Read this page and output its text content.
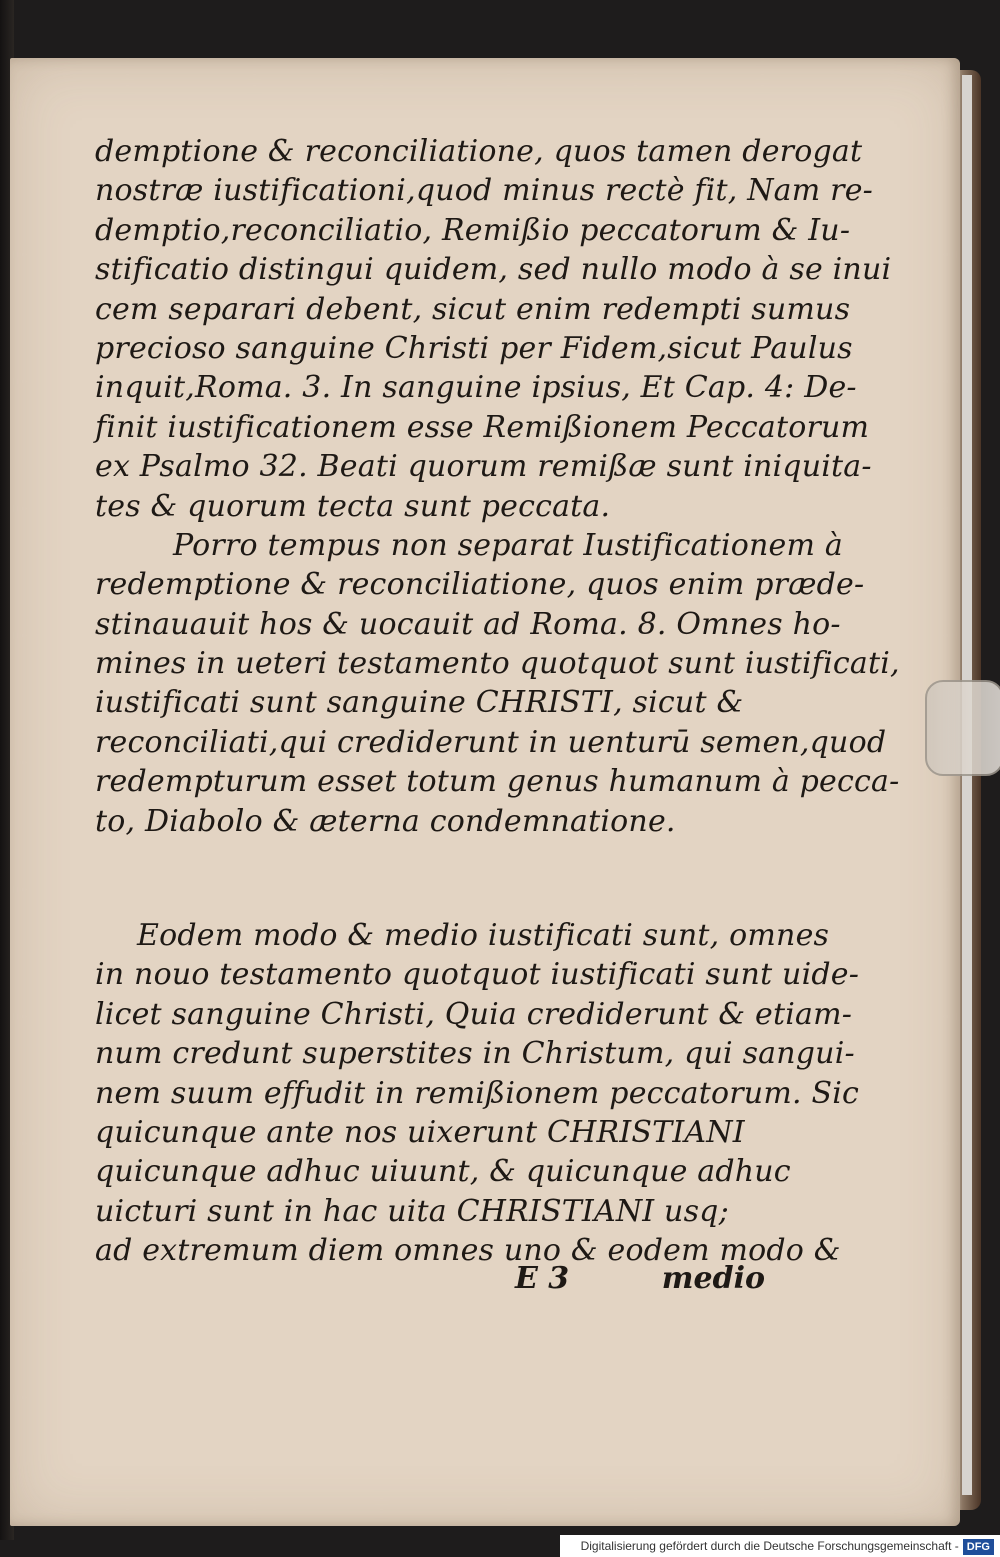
demptione & reconciliatione, quos tamen derogat
nostræ iustificationi,quod minus rectè fit, Nam re-
demptio,reconciliatio, Remißio peccatorum & Iu-
stificatio distingui quidem, sed nullo modo à se inui
cem separari debent, sicut enim redempti sumus
precioso sanguine Christi per Fidem,sicut Paulus
inquit,Roma. 3. In sanguine ipsius, Et Cap. 4: De-
finit iustificationem esse Remißionem Peccatorum
ex Psalmo 32. Beati quorum remißæ sunt iniquita-
tes & quorum tecta sunt peccata.
Porro tempus non separat Iustificationem à
redemptione & reconciliatione, quos enim præde-
stinauauit hos & uocauit ad Roma. 8. Omnes ho-
mines in ueteri testamento quotquot sunt iustificati,
iustificati sunt sanguine CHRISTI, sicut &
reconciliati,qui crediderunt in uenturū semen,quod
redempturum esset totum genus humanum à pecca-
to, Diabolo & æterna condemnatione.
Eodem modo & medio iustificati sunt, omnes
in nouo testamento quotquot iustificati sunt uide-
licet sanguine Christi, Quia crediderunt & etiam-
num credunt superstites in Christum, qui sangui-
nem suum effudit in remißionem peccatorum. Sic
quicunque ante nos uixerunt CHRISTIANI
quicunque adhuc uiuunt, & quicunque adhuc
uicturi sunt in hac uita CHRISTIANI usq;
ad extremum diem omnes uno & eodem modo &
E 3	medio
Digitalisierung gefördert durch die Deutsche Forschungsgemeinschaft - DFG
